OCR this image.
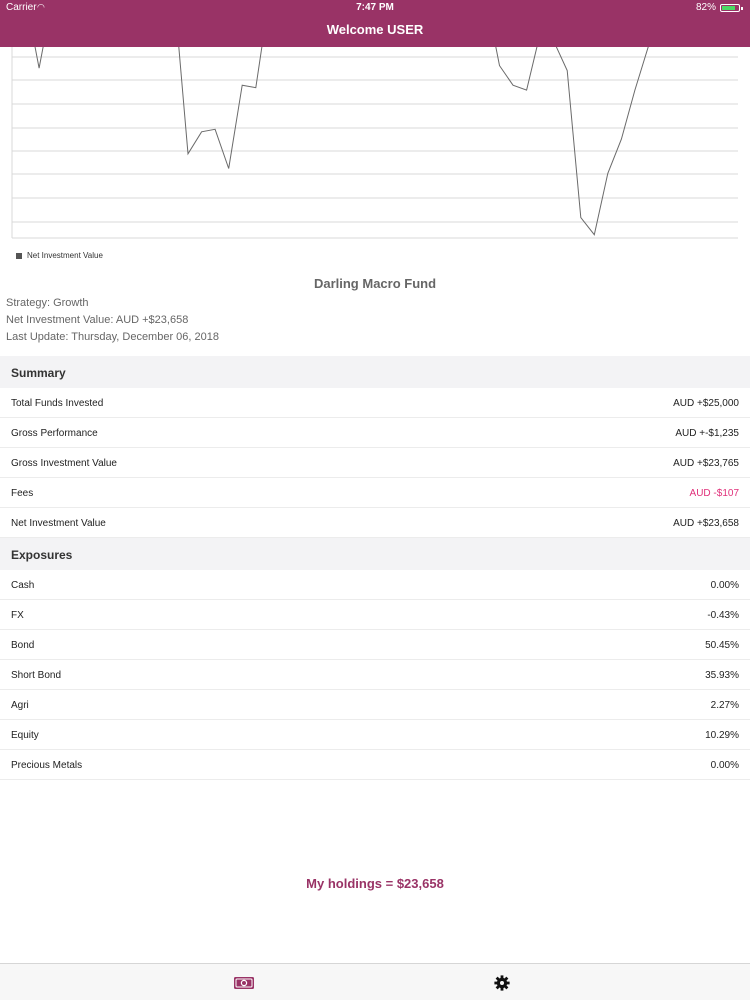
Carrier ◠	7:47 PM	82%
Welcome USER
Net Investment Value
Darling Macro Fund
Strategy: Growth
Net Investment Value: AUD +$23,658
Last Update: Thursday, December 06, 2018
Summary
Total Funds Invested	AUD +$25,000
Gross Performance	AUD +-$1,235
Gross Investment Value	AUD +$23,765
Fees	AUD -$107
Net Investment Value	AUD +$23,658
Exposures
Cash	0.00%
FX	-0.43%
Bond	50.45%
Short Bond	35.93%
Agri	2.27%
Equity	10.29%
Precious Metals	0.00%
My holdings = $23,658
